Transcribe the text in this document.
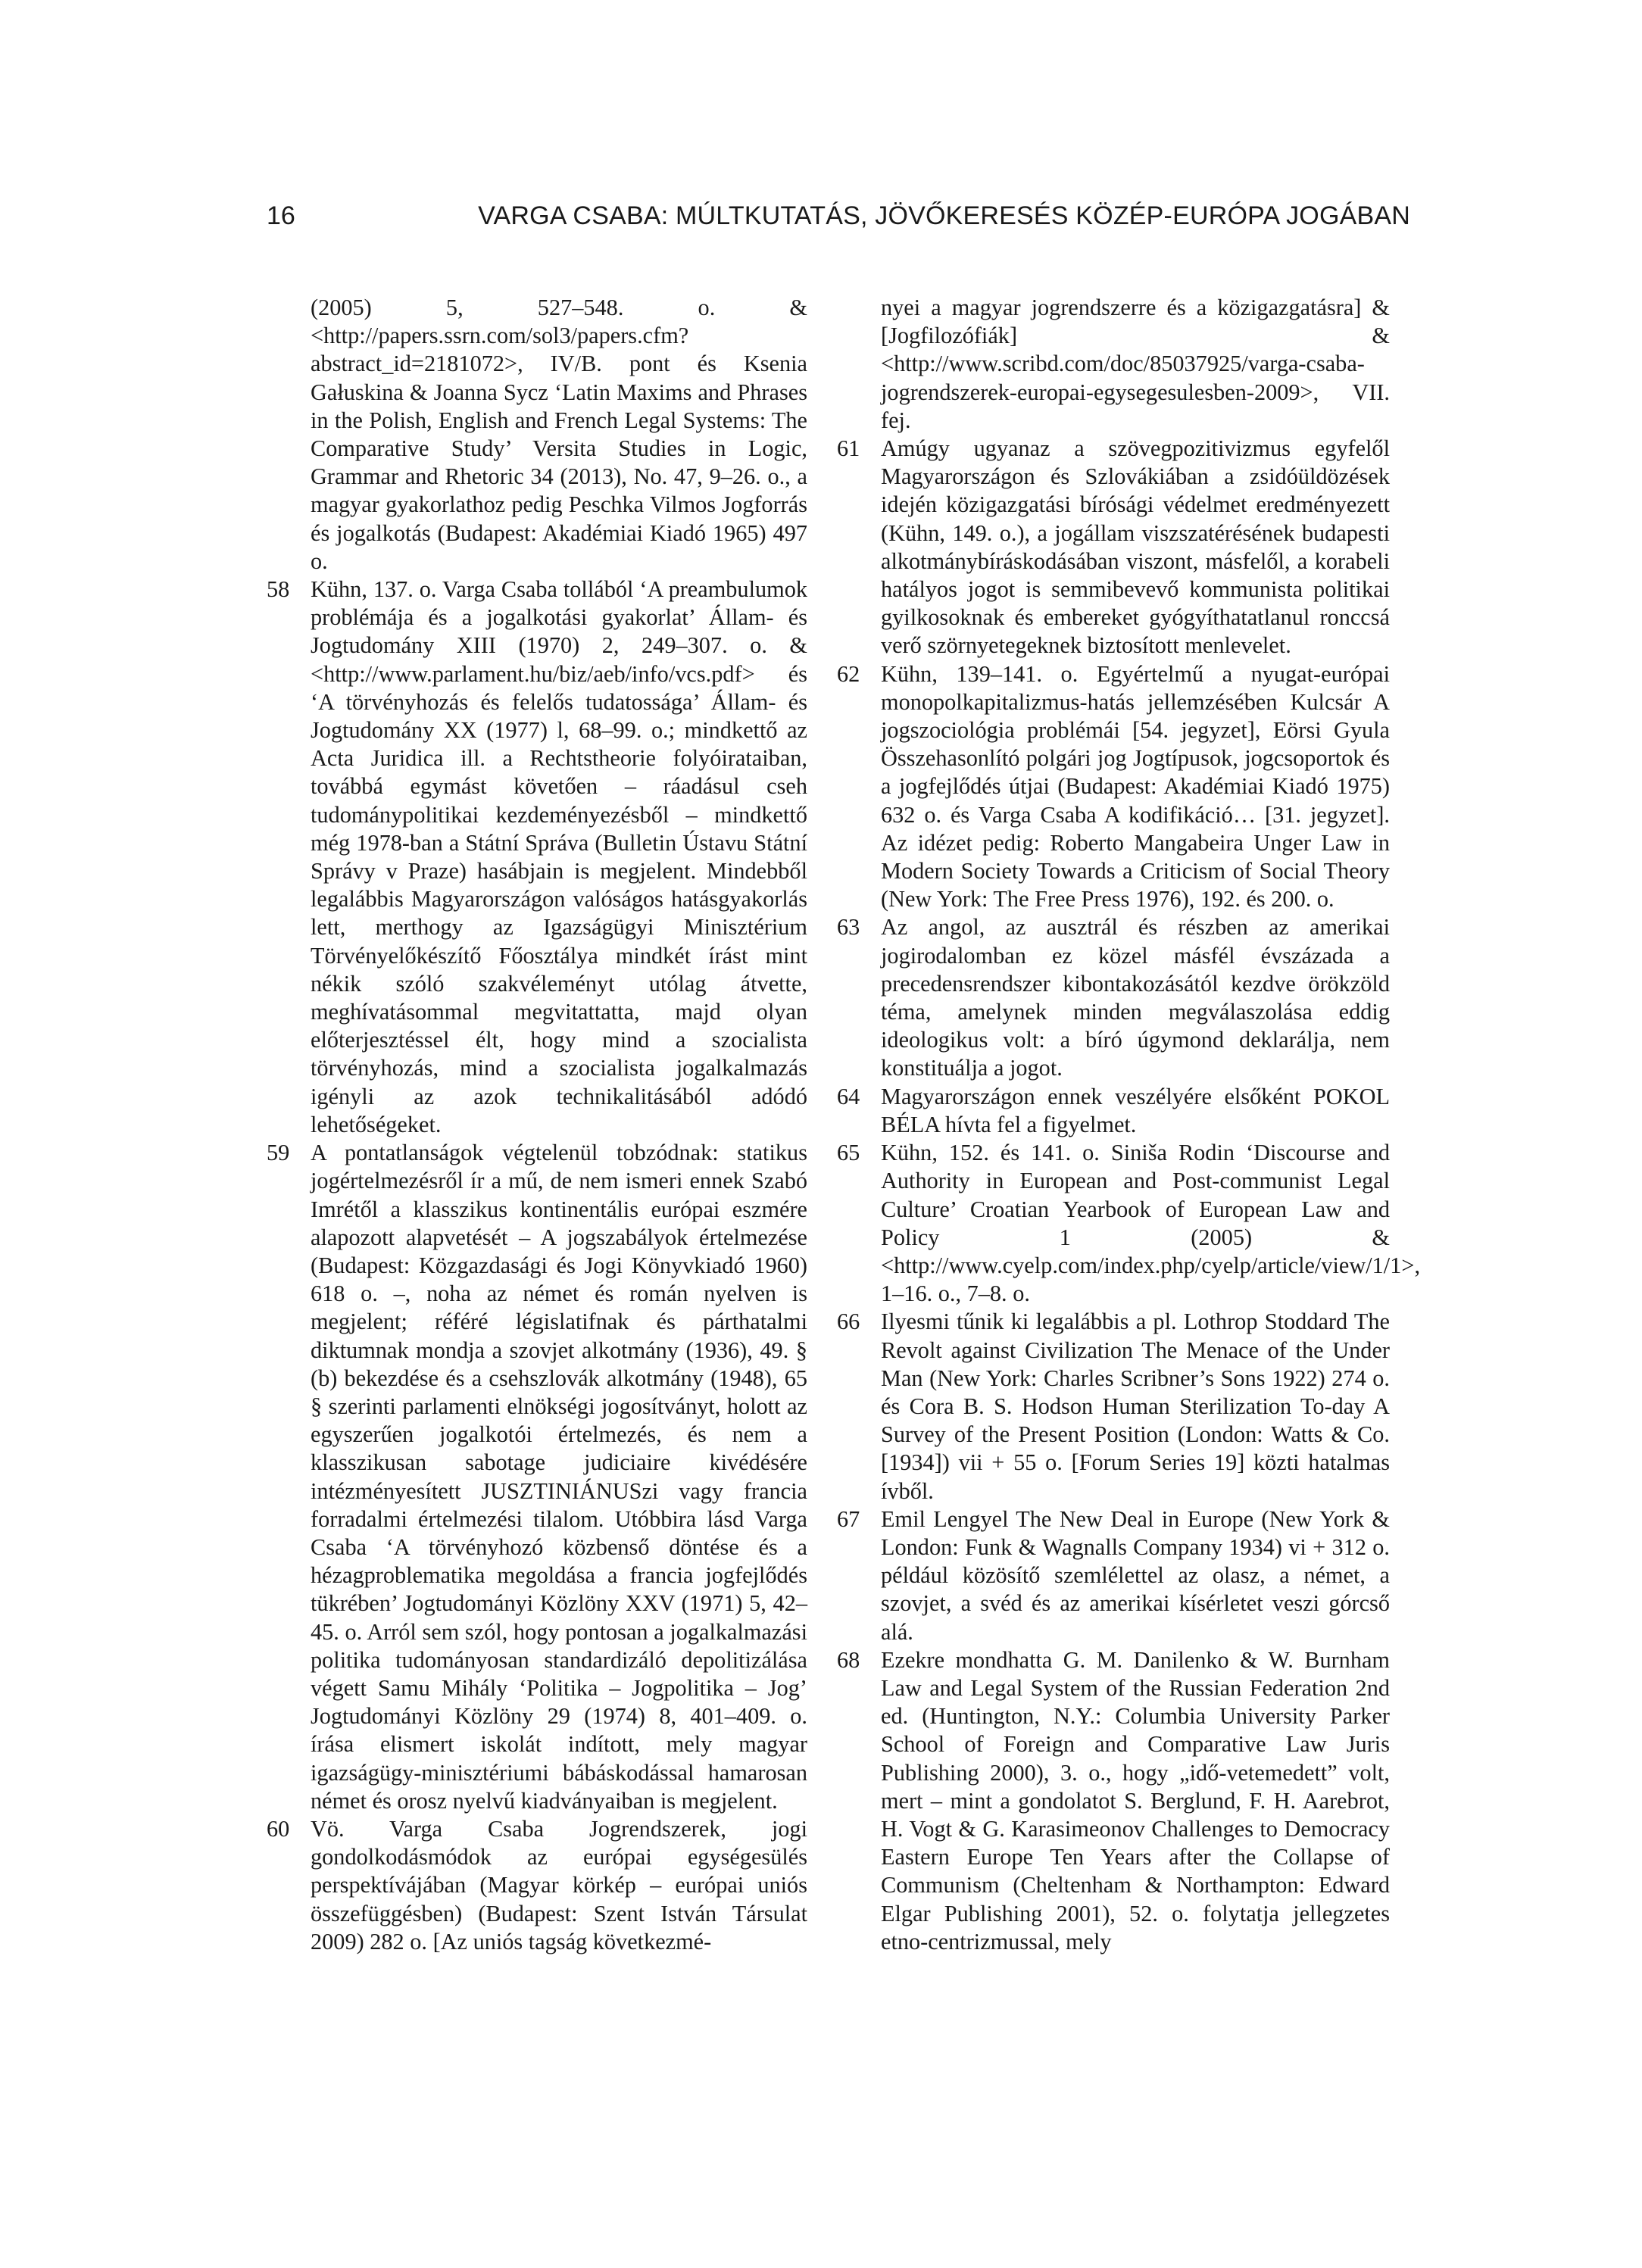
16	VARGA CSABA: MÚLTKUTATÁS, JÖVŐKERESÉS KÖZÉP-EURÓPA JOGÁBAN

(2005) 5, 527–548. o. & <http://papers.ssrn.com/sol3/papers.cfm?abstract_id=2181072>, IV/B. pont és Ksenia Gałuskina & Joanna Sycz ‘Latin Maxims and Phrases in the Polish, English and French Legal Systems: The Comparative Study’ Versita Studies in Logic, Grammar and Rhetoric 34 (2013), No. 47, 9–26. o., a magyar gyakorlathoz pedig Peschka Vilmos Jogforrás és jogalkotás (Budapest: Akadémiai Kiadó 1965) 497 o.

58 Kühn, 137. o. Varga Csaba tollából ‘A preambulumok problémája és a jogalkotási gyakorlat’ Állam- és Jogtudomány XIII (1970) 2, 249–307. o. & <http://www.parlament.hu/biz/aeb/info/vcs.pdf> és ‘A törvényhozás és felelős tudatossága’ Állam- és Jogtudomány XX (1977) l, 68–99. o.; mindkettő az Acta Juridica ill. a Rechtstheorie folyóirataiban, továbbá egymást követően – ráadásul cseh tudománypolitikai kezdeményezésből – mindkettő még 1978-ban a Státní Správa (Bulletin Ústavu Státní Správy v Praze) hasábjain is megjelent. Mindebből legalábbis Magyarországon valóságos hatásgyakorlás lett, merthogy az Igazságügyi Minisztérium Törvényelőkészítő Főosztálya mindkét írást mint nékik szóló szakvéleményt utólag átvette, meghívatásommal megvitattatta, majd olyan előterjesztéssel élt, hogy mind a szocialista törvényhozás, mind a szocialista jogalkalmazás igényli az azok technikalitásából adódó lehetőségeket.

59 A pontatlanságok végtelenül tobzódnak: statikus jogértelmezésről ír a mű, de nem ismeri ennek Szabó Imrétől a klasszikus kontinentális európai eszmére alapozott alapvetését – A jogszabályok értelmezése (Budapest: Közgazdasági és Jogi Könyvkiadó 1960) 618 o. –, noha az német és román nyelven is megjelent; référé législatifnak és párthatalmi diktumnak mondja a szovjet alkotmány (1936), 49. § (b) bekezdése és a csehszlovák alkotmány (1948), 65 § szerinti parlamenti elnökségi jogosítványt, holott az egyszerűen jogalkotói értelmezés, és nem a klasszikusan sabotage judiciaire kivédésére intézményesített JUSZTINIÁNUSzi vagy francia forradalmi értelmezési tilalom. Utóbbira lásd Varga Csaba ‘A törvényhozó közbenső döntése és a hézagproblematika megoldása a francia jogfejlődés tükrében’ Jogtudományi Közlöny XXV (1971) 5, 42–45. o. Arról sem szól, hogy pontosan a jogalkalmazási politika tudományosan standardizáló depolitizálása végett Samu Mihály ‘Politika – Jogpolitika – Jog’ Jogtudományi Közlöny 29 (1974) 8, 401–409. o. írása elismert iskolát indított, mely magyar igazságügy-minisztériumi bábáskodással hamarosan német és orosz nyelvű kiadványaiban is megjelent.

60 Vö. Varga Csaba Jogrendszerek, jogi gondolkodásmódok az európai egységesülés perspektívájában (Magyar körkép – európai uniós összefüggésben) (Budapest: Szent István Társulat 2009) 282 o. [Az uniós tagság következmé-

nyei a magyar jogrendszerre és a közigazgatásra] & [Jogfilozófiák] & <http://www.scribd.com/doc/85037925/varga-csaba-jogrendszerek-europai-egysegesulesben-2009>, VII. fej.

61 Amúgy ugyanaz a szövegpozitivizmus egyfelől Magyarországon és Szlovákiában a zsidóüldözések idején közigazgatási bírósági védelmet eredményezett (Kühn, 149. o.), a jogállam viszszatérésének budapesti alkotmánybíráskodásában viszont, másfelől, a korabeli hatályos jogot is semmibevevő kommunista politikai gyilkosoknak és embereket gyógyíthatatlanul ronccsá verő szörnyetegeknek biztosított menlevelet.

62 Kühn, 139–141. o. Egyértelmű a nyugat-európai monopolkapitalizmus-hatás jellemzésében Kulcsár A jogszociológia problémái [54. jegyzet], Eörsi Gyula Összehasonlító polgári jog Jogtípusok, jogcsoportok és a jogfejlődés útjai (Budapest: Akadémiai Kiadó 1975) 632 o. és Varga Csaba A kodifikáció… [31. jegyzet]. Az idézet pedig: Roberto Mangabeira Unger Law in Modern Society Towards a Criticism of Social Theory (New York: The Free Press 1976), 192. és 200. o.

63 Az angol, az ausztrál és részben az amerikai jogirodalomban ez közel másfél évszázada a precedensrendszer kibontakozásától kezdve örökzöld téma, amelynek minden megválaszolása eddig ideologikus volt: a bíró úgymond deklarálja, nem konstituálja a jogot.

64 Magyarországon ennek veszélyére elsőként POKOL BÉLA hívta fel a figyelmet.

65 Kühn, 152. és 141. o. Siniša Rodin ‘Discourse and Authority in European and Post-communist Legal Culture’ Croatian Yearbook of European Law and Policy 1 (2005) & <http://www.cyelp.com/index.php/cyelp/article/view/1/1>, 1–16. o., 7–8. o.

66 Ilyesmi tűnik ki legalábbis a pl. Lothrop Stoddard The Revolt against Civilization The Menace of the Under Man (New York: Charles Scribner’s Sons 1922) 274 o. és Cora B. S. Hodson Human Sterilization To-day A Survey of the Present Position (London: Watts & Co. [1934]) vii + 55 o. [Forum Series 19] közti hatalmas ívből.

67 Emil Lengyel The New Deal in Europe (New York & London: Funk & Wagnalls Company 1934) vi + 312 o. például közösítő szemlélettel az olasz, a német, a szovjet, a svéd és az amerikai kísérletet veszi górcső alá.

68 Ezekre mondhatta G. M. Danilenko & W. Burnham Law and Legal System of the Russian Federation 2nd ed. (Huntington, N.Y.: Columbia University Parker School of Foreign and Comparative Law Juris Publishing 2000), 3. o., hogy „idő-vetemedett” volt, mert – mint a gondolatot S. Berglund, F. H. Aarebrot, H. Vogt & G. Karasimeonov Challenges to Democracy Eastern Europe Ten Years after the Collapse of Communism (Cheltenham & Northampton: Edward Elgar Publishing 2001), 52. o. folytatja jellegzetes etno-centrizmussal, mely
